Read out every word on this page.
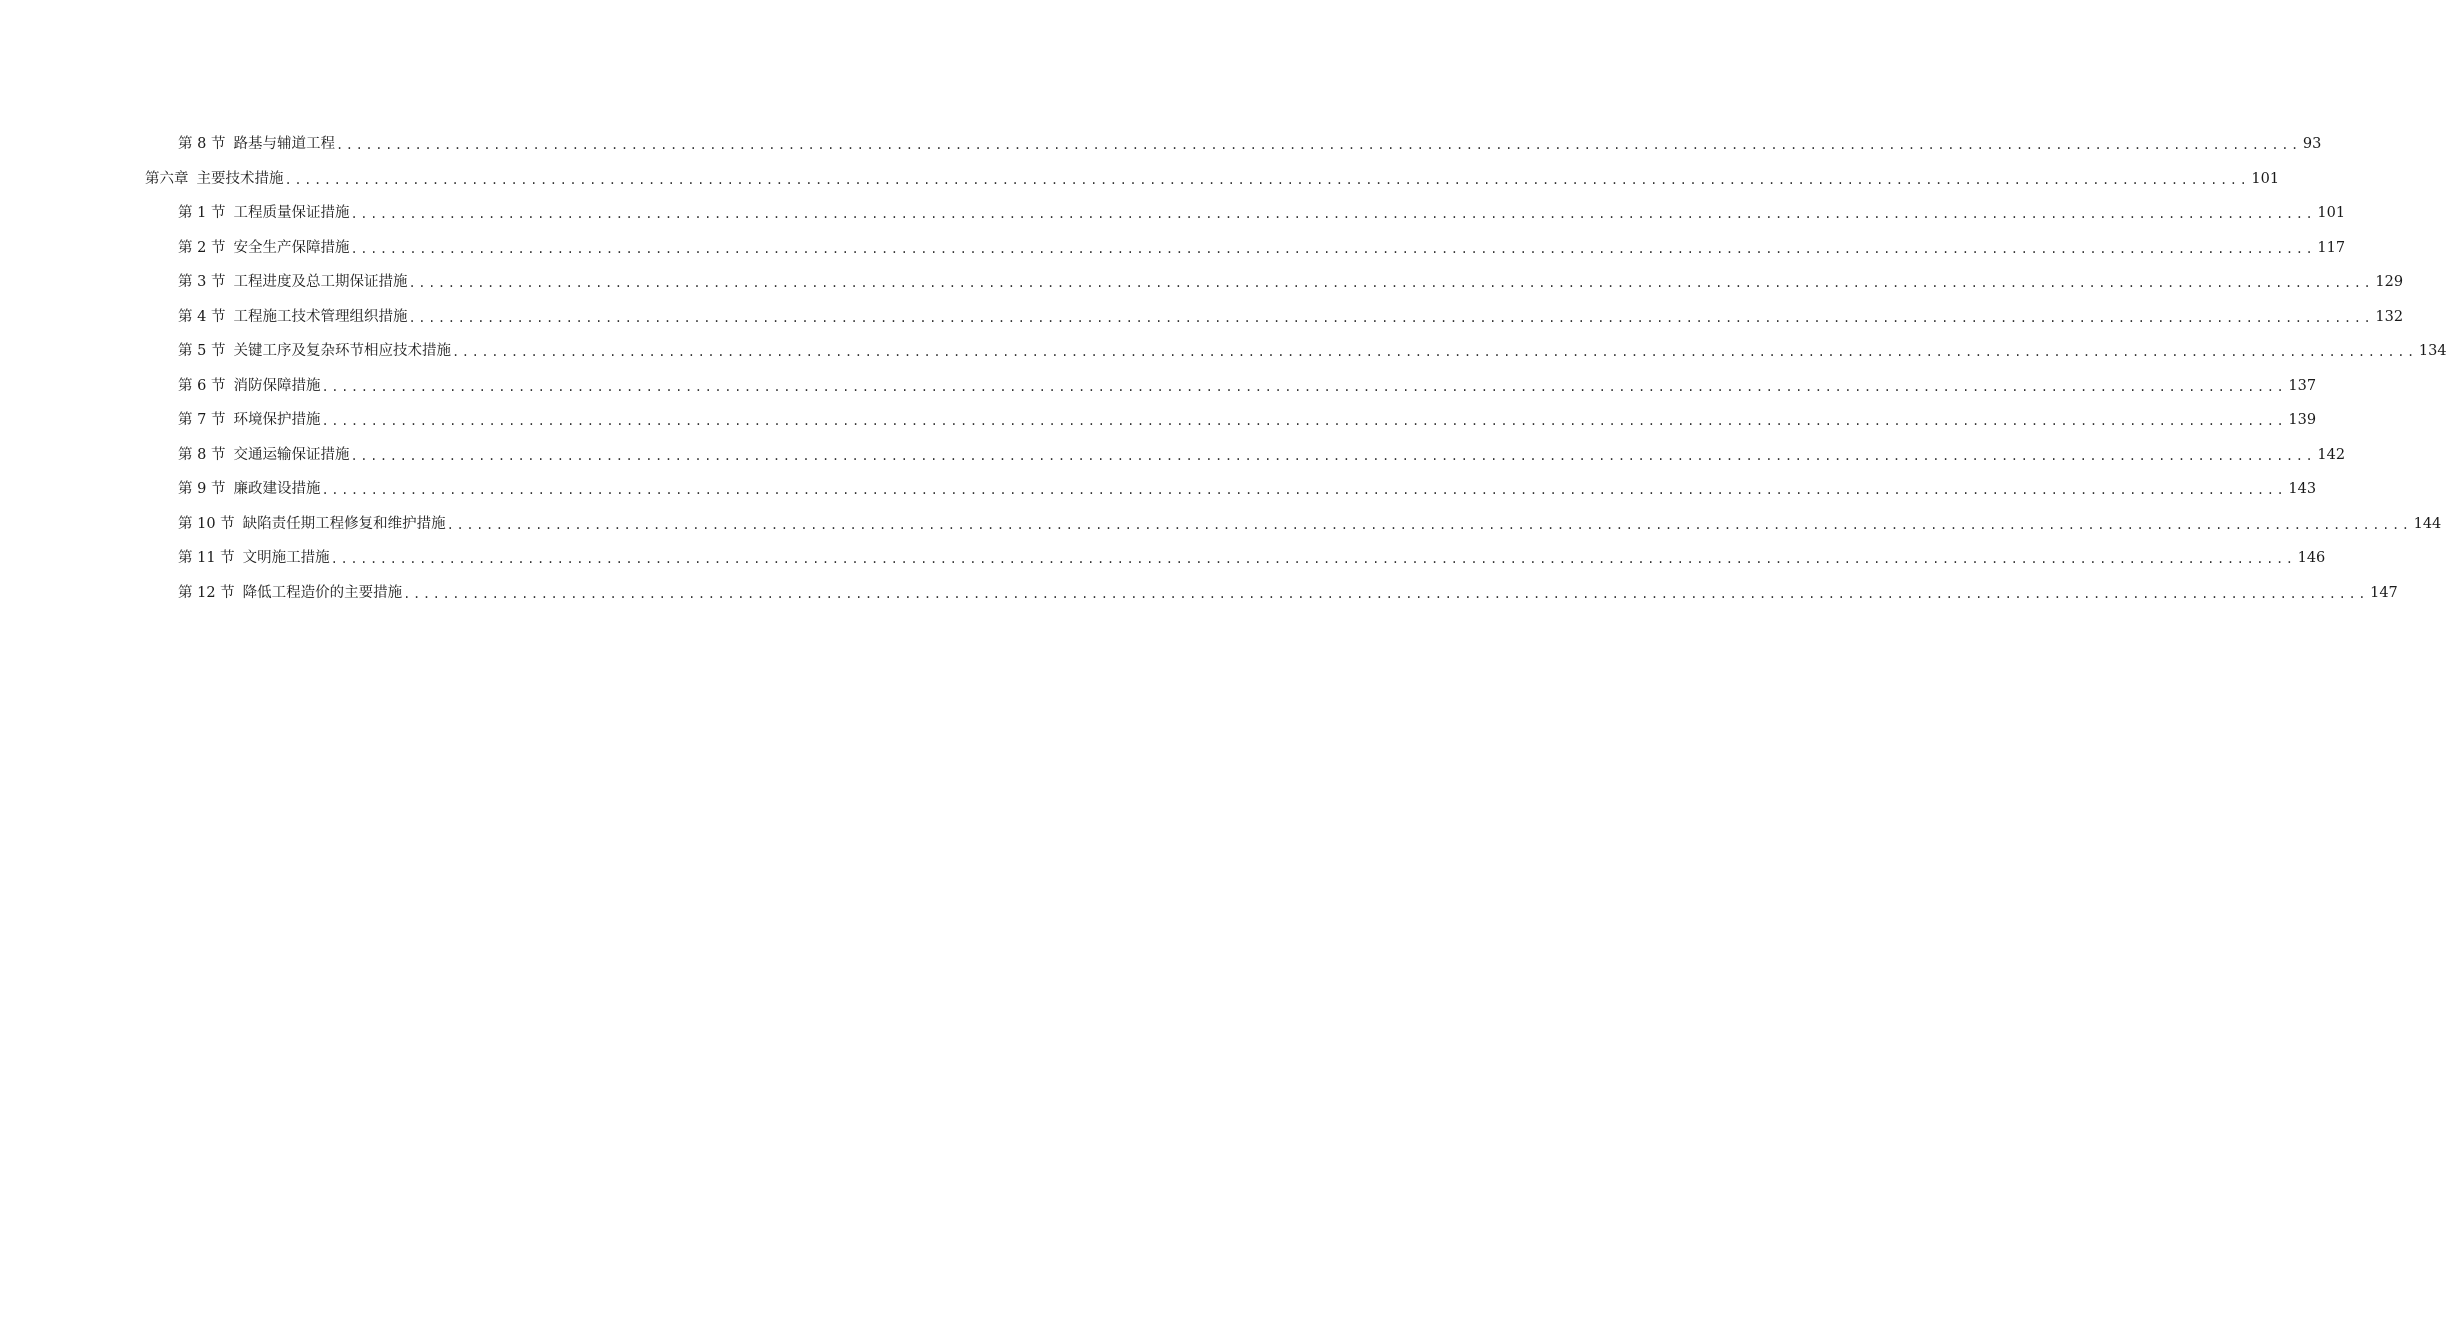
第 8 节 路基与辅道工程 ........................................................................................................................................................................................................ 93
第六章 主要技术措施 ........................................................................................................................................................................................................ 101
第 1 节 工程质量保证措施 ........................................................................................................................................................................................................ 101
第 2 节 安全生产保障措施 ........................................................................................................................................................................................................ 117
第 3 节 工程进度及总工期保证措施 ........................................................................................................................................................................................................ 129
第 4 节 工程施工技术管理组织措施 ........................................................................................................................................................................................................ 132
第 5 节 关键工序及复杂环节相应技术措施 ........................................................................................................................................................................................................ 134
第 6 节 消防保障措施 ........................................................................................................................................................................................................ 137
第 7 节 环境保护措施 ........................................................................................................................................................................................................ 139
第 8 节 交通运输保证措施 ........................................................................................................................................................................................................ 142
第 9 节 廉政建设措施 ........................................................................................................................................................................................................ 143
第 10 节 缺陷责任期工程修复和维护措施 ........................................................................................................................................................................................................ 144
第 11 节 文明施工措施 ........................................................................................................................................................................................................ 146
第 12 节 降低工程造价的主要措施 ........................................................................................................................................................................................................ 147
